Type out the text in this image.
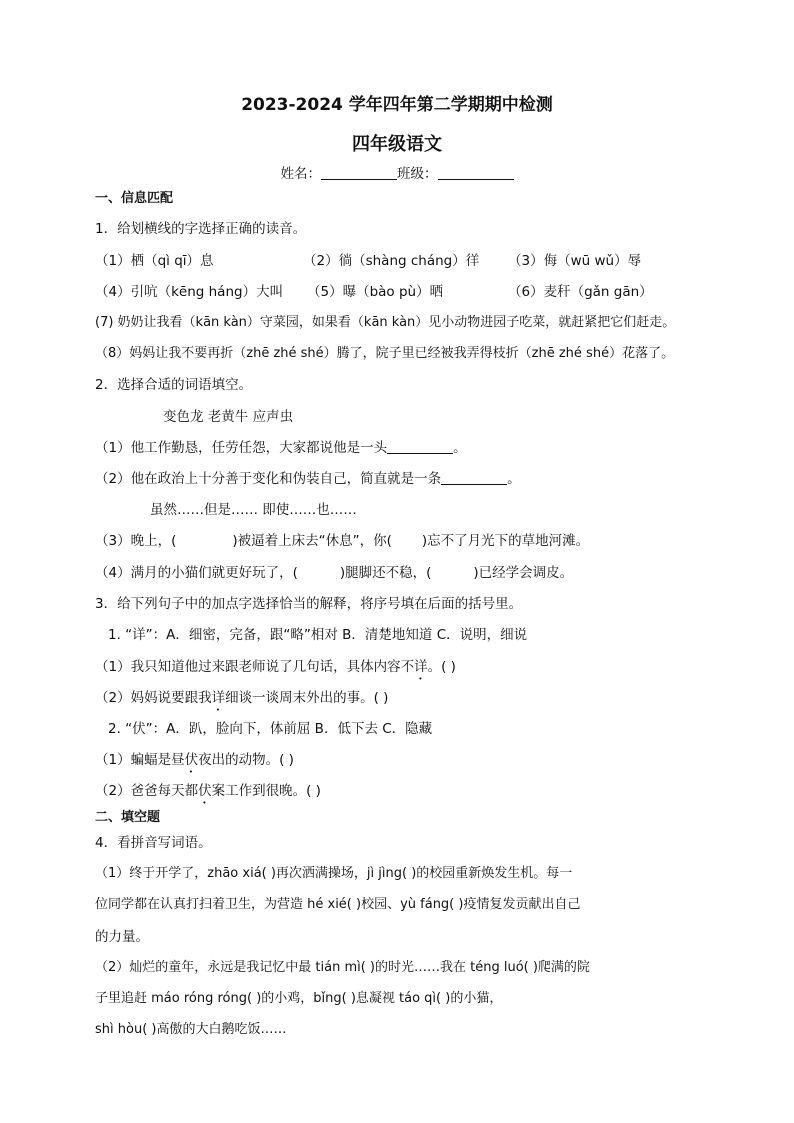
2023-2024 学年四年第二学期期中检测
四年级语文
姓名：	班级：
一、信息匹配
1．给划横线的字选择正确的读音。
（1）栖（qì qī）息	（2）徜（shàng cháng）徉 （3）侮（wū wǔ）辱
（4）引吭（kēng háng）大叫 （5）曝（bào pù）晒	（6）麦秆（gǎn gān）
(7) 奶奶让我看（kān kàn）守菜园，如果看（kān kàn）见小动物进园子吃菜，就赶紧把它们赶走。
（8）妈妈让我不要再折（zhē zhé shé）腾了，院子里已经被我弄得枝折（zhē zhé shé）花落了。
2．选择合适的词语填空。
变色龙 老黄牛 应声虫
（1）他工作勤恳，任劳任怨，大家都说他是一头	。
（2）他在政治上十分善于变化和伪装自己，简直就是一条	。
虽然……但是…… 即使……也……
（3）晚上，(	)被逼着上床去“休息”，你( )忘不了月光下的草地河滩。
（4）满月的小猫们就更好玩了，(	)腿脚还不稳，(	)已经学会调皮。
3．给下列句子中的加点字选择恰当的解释，将序号填在后面的括号里。
1. “详”：A．细密，完备，跟“略”相对 B．清楚地知道 C．说明，细说
（1）我只知道他过来跟老师说了几句话，具体内容不详。( )
（2）妈妈说要跟我详细谈一谈周末外出的事。( )
2. “伏”：A．趴，脸向下，体前屈 B．低下去 C．隐藏
（1）蝙蝠是昼伏夜出的动物。( )
（2）爸爸每天都伏案工作到很晚。( )
二、填空题
4．看拼音写词语。
（1）终于开学了，zhāo xiá( )再次洒满操场，jì jìng( )的校园重新焕发生机。每一
位同学都在认真打扫着卫生，为营造 hé xié( )校园、yù fáng( )疫情复发贡献出自己
的力量。
（2）灿烂的童年，永远是我记忆中最 tián mì( )的时光……我在 téng luó( )爬满的院
子里追赶 máo róng róng( )的小鸡，bǐng( )息凝视 táo qì( )的小猫，
shì hòu( )高傲的大白鹅吃饭……
